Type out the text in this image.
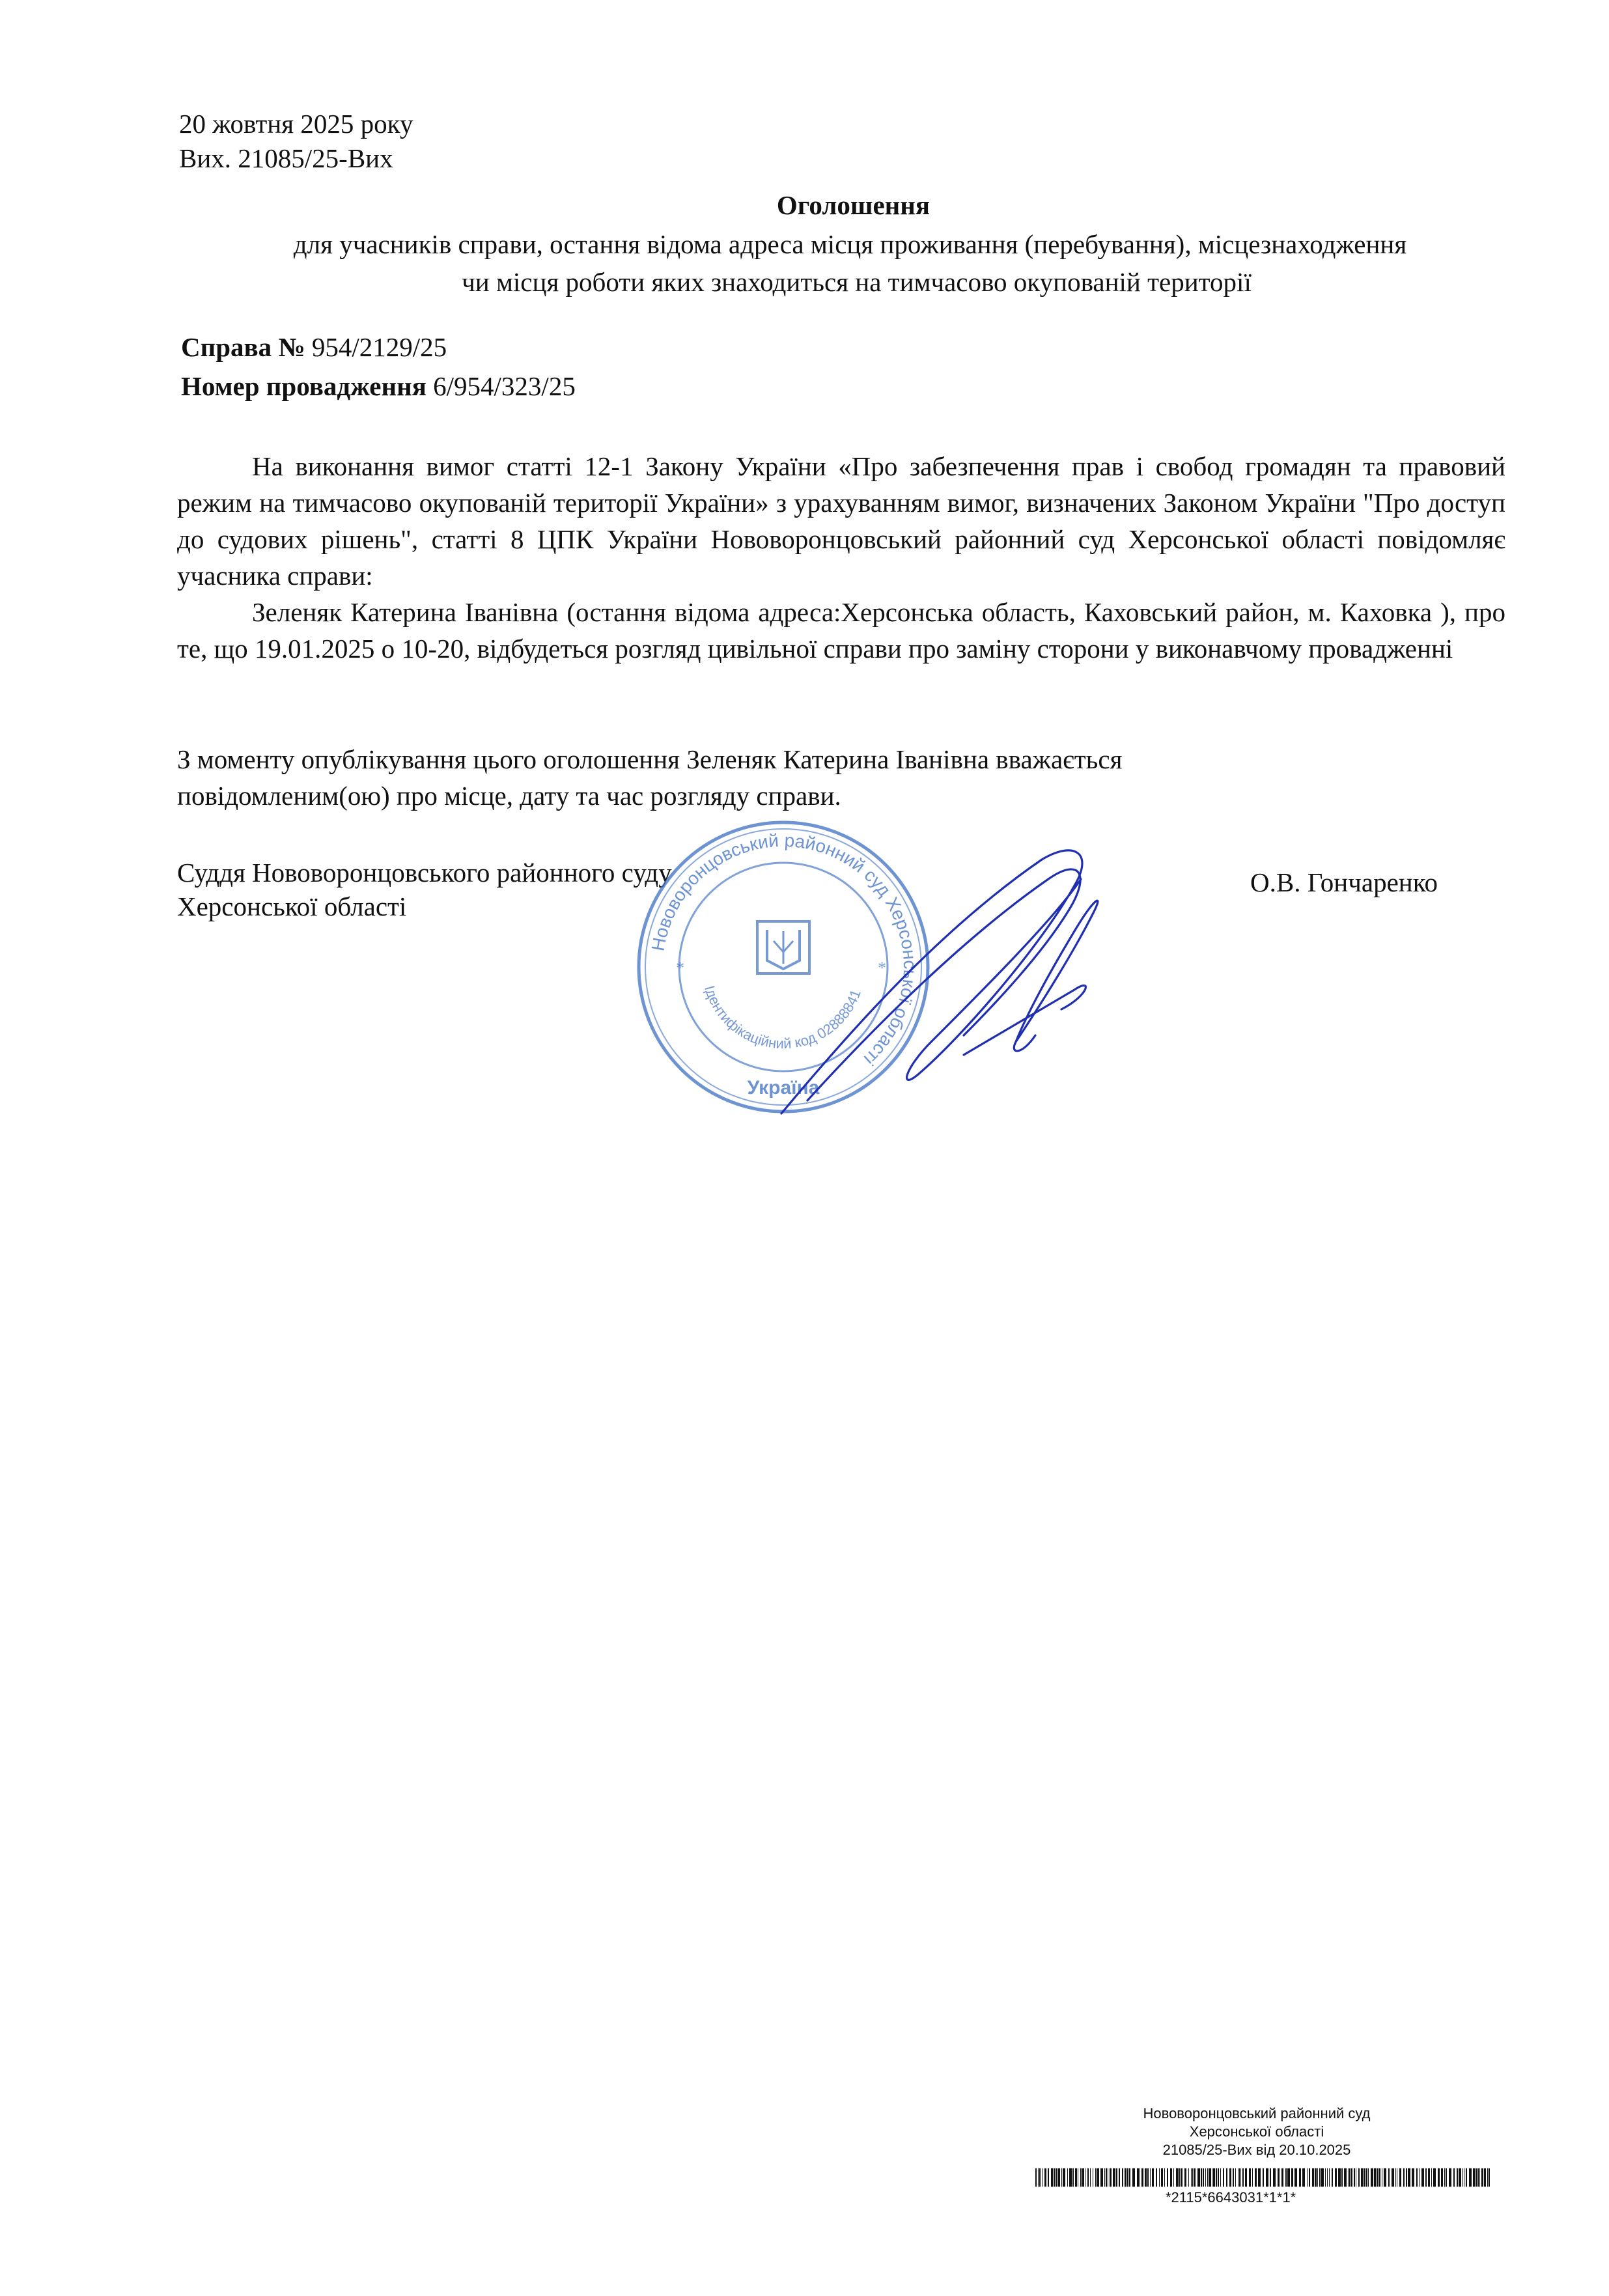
20 жовтня 2025 року
Вих. 21085/25-Вих
Оголошення
для учасників справи, остання відома адреса місця проживання (перебування), місцезнаходження
чи місця роботи яких знаходиться на тимчасово окупованій території
Справа № 954/2129/25
Номер провадження 6/954/323/25
На виконання вимог статті 12-1 Закону України «Про забезпечення прав і свобод громадян та правовий режим на тимчасово окупованій території України» з урахуванням вимог, визначених Законом України "Про доступ до судових рішень", статті 8 ЦПК України Нововоронцовський районний суд Херсонської області повідомляє учасника справи:
Зеленяк Катерина Іванівна (остання відома адреса:Херсонська область, Каховський район, м. Каховка ), про те, що 19.01.2025 о 10-20, відбудеться розгляд цивільної справи про заміну сторони у виконавчому провадженні
З моменту опублікування цього оголошення Зеленяк Катерина Іванівна вважається повідомленим(ою) про місце, дату та час розгляду справи.
Суддя Нововоронцовського районного суду
Херсонської області
О.В. Гончаренко
Нововоронцовський районний суд Херсонської області
Ідентифікаційний код 02888841
Україна
*	*
Нововоронцовський районний суд
Херсонської області
21085/25-Вих від 20.10.2025
*2115*6643031*1*1*
